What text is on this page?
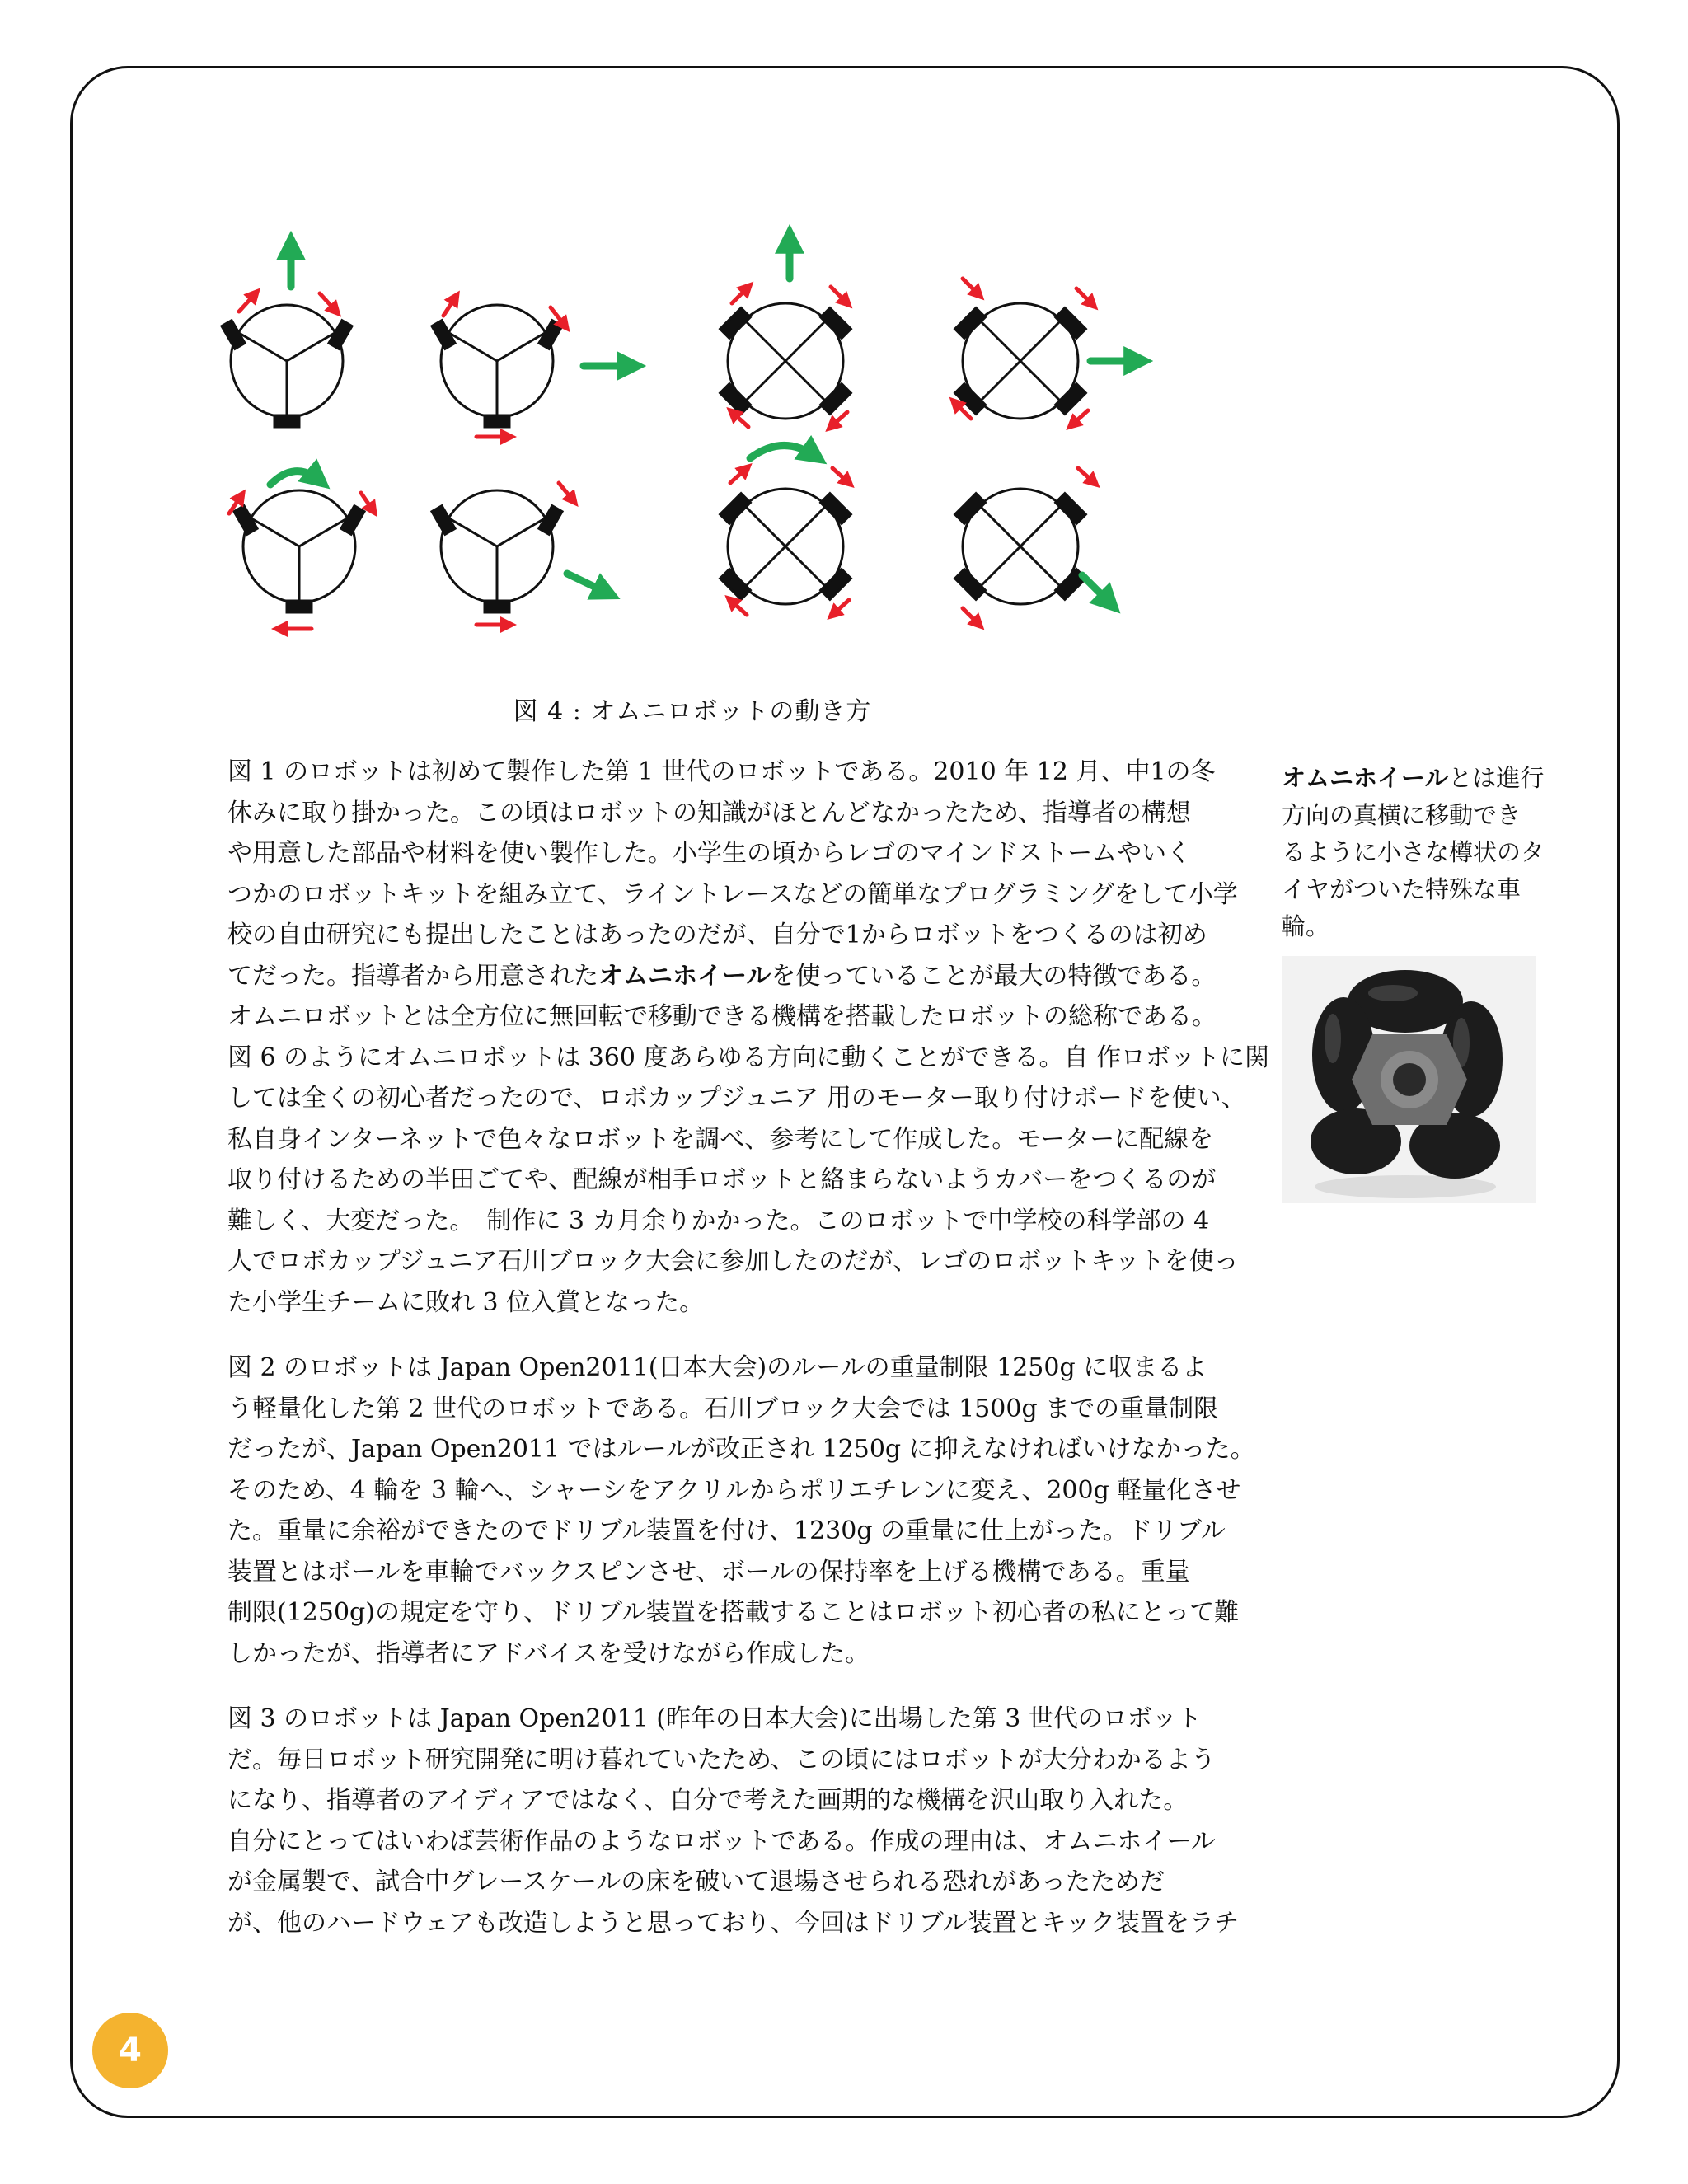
図 4 : オムニロボットの動き方

図 1 のロボットは初めて製作した第 1 世代のロボットである。2010 年 12 月、中1の冬
休みに取り掛かった。この頃はロボットの知識がほとんどなかったため、指導者の構想
や用意した部品や材料を使い製作した。小学生の頃からレゴのマインドストームやいく
つかのロボットキットを組み立て、ライントレースなどの簡単なプログラミングをして小学
校の自由研究にも提出したことはあったのだが、自分で1からロボットをつくるのは初め
てだった。指導者から用意されたオムニホイールを使っていることが最大の特徴である。
オムニロボットとは全方位に無回転で移動できる機構を搭載したロボットの総称である。
図 6 のようにオムニロボットは 360 度あらゆる方向に動くことができる。自 作ロボットに関
しては全くの初心者だったので、ロボカップジュニア 用のモーター取り付けボードを使い、
私自身インターネットで色々なロボットを調べ、参考にして作成した。モーターに配線を
取り付けるための半田ごてや、配線が相手ロボットと絡まらないようカバーをつくるのが
難しく、大変だった。　制作に 3 カ月余りかかった。このロボットで中学校の科学部の 4
人でロボカップジュニア石川ブロック大会に参加したのだが、レゴのロボットキットを使っ
た小学生チームに敗れ 3 位入賞となった。

図 2 のロボットは Japan Open2011(日本大会)のルールの重量制限 1250g に収まるよ
う軽量化した第 2 世代のロボットである。石川ブロック大会では 1500g までの重量制限
だったが、Japan Open2011 ではルールが改正され 1250g に抑えなければいけなかった。
そのため、4 輪を 3 輪へ、シャーシをアクリルからポリエチレンに変え、200g 軽量化させ
た。重量に余裕ができたのでドリブル装置を付け、1230g の重量に仕上がった。ドリブル
装置とはボールを車輪でバックスピンさせ、ボールの保持率を上げる機構である。重量
制限(1250g)の規定を守り、ドリブル装置を搭載することはロボット初心者の私にとって難
しかったが、指導者にアドバイスを受けながら作成した。

図 3 のロボットは Japan Open2011 (昨年の日本大会)に出場した第 3 世代のロボット
だ。毎日ロボット研究開発に明け暮れていたため、この頃にはロボットが大分わかるよう
になり、指導者のアイディアではなく、自分で考えた画期的な機構を沢山取り入れた。
自分にとってはいわば芸術作品のようなロボットである。作成の理由は、オムニホイール
が金属製で、試合中グレースケールの床を破いて退場させられる恐れがあったためだ
が、他のハードウェアも改造しようと思っており、今回はドリブル装置とキック装置をラチ

オムニホイールとは進行
方向の真横に移動でき
るように小さな樽状のタ
イヤがついた特殊な車
輪。
4
